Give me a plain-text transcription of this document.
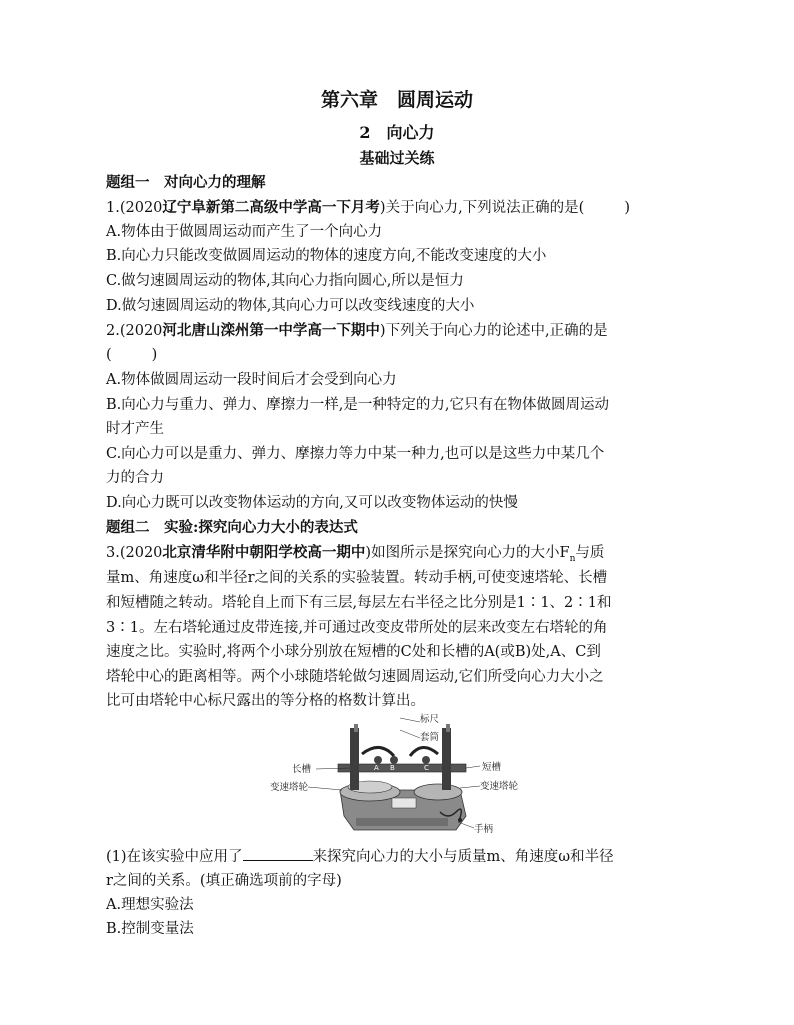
第六章　圆周运动
2　向心力
基础过关练
题组一　对向心力的理解
1.(2020辽宁阜新第二高级中学高一下月考)关于向心力,下列说法正确的是(	)
A.物体由于做圆周运动而产生了一个向心力
B.向心力只能改变做圆周运动的物体的速度方向,不能改变速度的大小
C.做匀速圆周运动的物体,其向心力指向圆心,所以是恒力
D.做匀速圆周运动的物体,其向心力可以改变线速度的大小
2.(2020河北唐山滦州第一中学高一下期中)下列关于向心力的论述中,正确的是
(	)
A.物体做圆周运动一段时间后才会受到向心力
B.向心力与重力、弹力、摩擦力一样,是一种特定的力,它只有在物体做圆周运动
时才产生
C.向心力可以是重力、弹力、摩擦力等力中某一种力,也可以是这些力中某几个
力的合力
D.向心力既可以改变物体运动的方向,又可以改变物体运动的快慢
题组二　实验:探究向心力大小的表达式
3.(2020北京清华附中朝阳学校高一期中)如图所示是探究向心力的大小$F_n$与质
量m、角速度ω和半径r之间的关系的实验装置。转动手柄,可使变速塔轮、长槽
和短槽随之转动。塔轮自上而下有三层,每层左右半径之比分别是1∶1、2∶1和
3∶1。左右塔轮通过皮带连接,并可通过改变皮带所处的层来改变左右塔轮的角
速度之比。实验时,将两个小球分别放在短槽的C处和长槽的A(或B)处,A、C到
塔轮中心的距离相等。两个小球随塔轮做匀速圆周运动,它们所受向心力大小之
比可由塔轮中心标尺露出的等分格的格数计算出。
标尺
套筒
长槽
变速塔轮
短槽
变速塔轮
手柄
A B	C
(1)在该实验中应用了	来探究向心力的大小与质量m、角速度ω和半径
r之间的关系。(填正确选项前的字母)
A.理想实验法
B.控制变量法
